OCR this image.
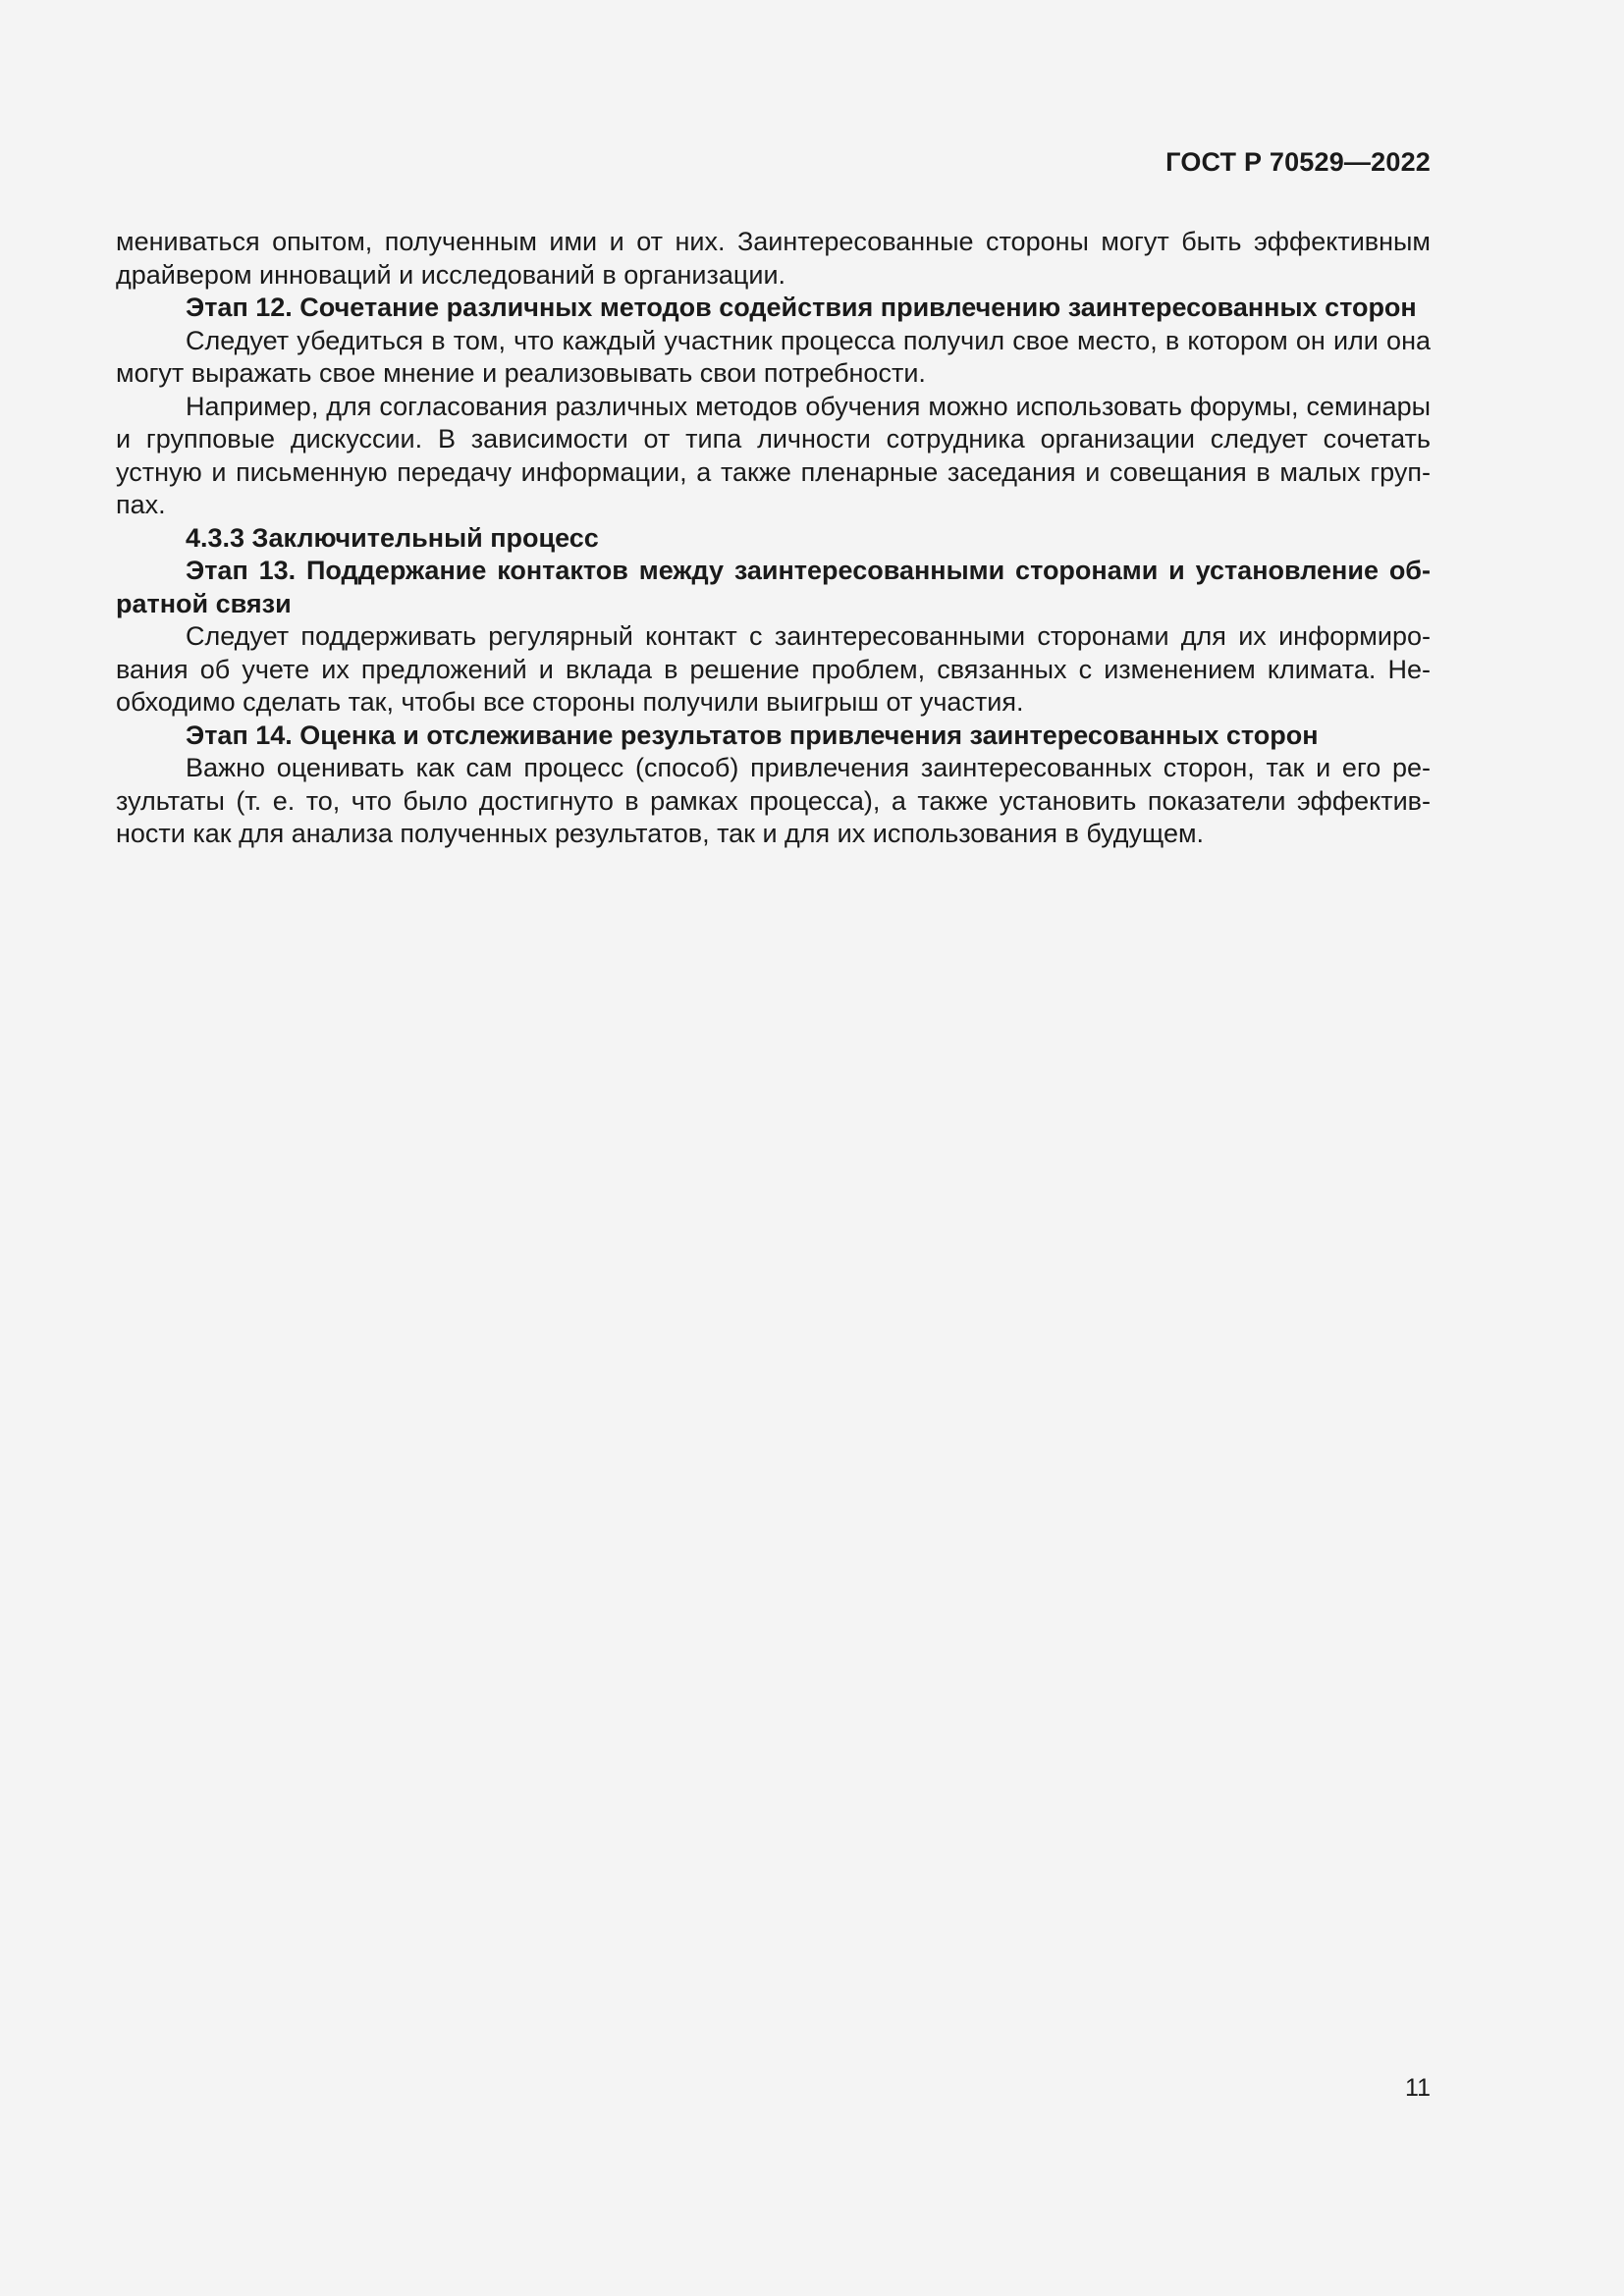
ГОСТ Р 70529—2022

мениваться опытом, полученным ими и от них. Заинтересованные стороны могут быть эффективным драйвером инноваций и исследований в организации.

Этап 12. Сочетание различных методов содействия привлечению заинтересованных сторон

Следует убедиться в том, что каждый участник процесса получил свое место, в котором он или она могут выражать свое мнение и реализовывать свои потребности.

Например, для согласования различных методов обучения можно использовать форумы, семинары и групповые дискуссии. В зависимости от типа личности сотрудника организации следует сочетать устную и письменную передачу информации, а также пленарные заседания и совещания в малых группах.

4.3.3 Заключительный процесс

Этап 13. Поддержание контактов между заинтересованными сторонами и установление обратной связи

Следует поддерживать регулярный контакт с заинтересованными сторонами для их информирования об учете их предложений и вклада в решение проблем, связанных с изменением климата. Необходимо сделать так, чтобы все стороны получили выигрыш от участия.

Этап 14. Оценка и отслеживание результатов привлечения заинтересованных сторон

Важно оценивать как сам процесс (способ) привлечения заинтересованных сторон, так и его результаты (т. е. то, что было достигнуто в рамках процесса), а также установить показатели эффективности как для анализа полученных результатов, так и для их использования в будущем.

11
